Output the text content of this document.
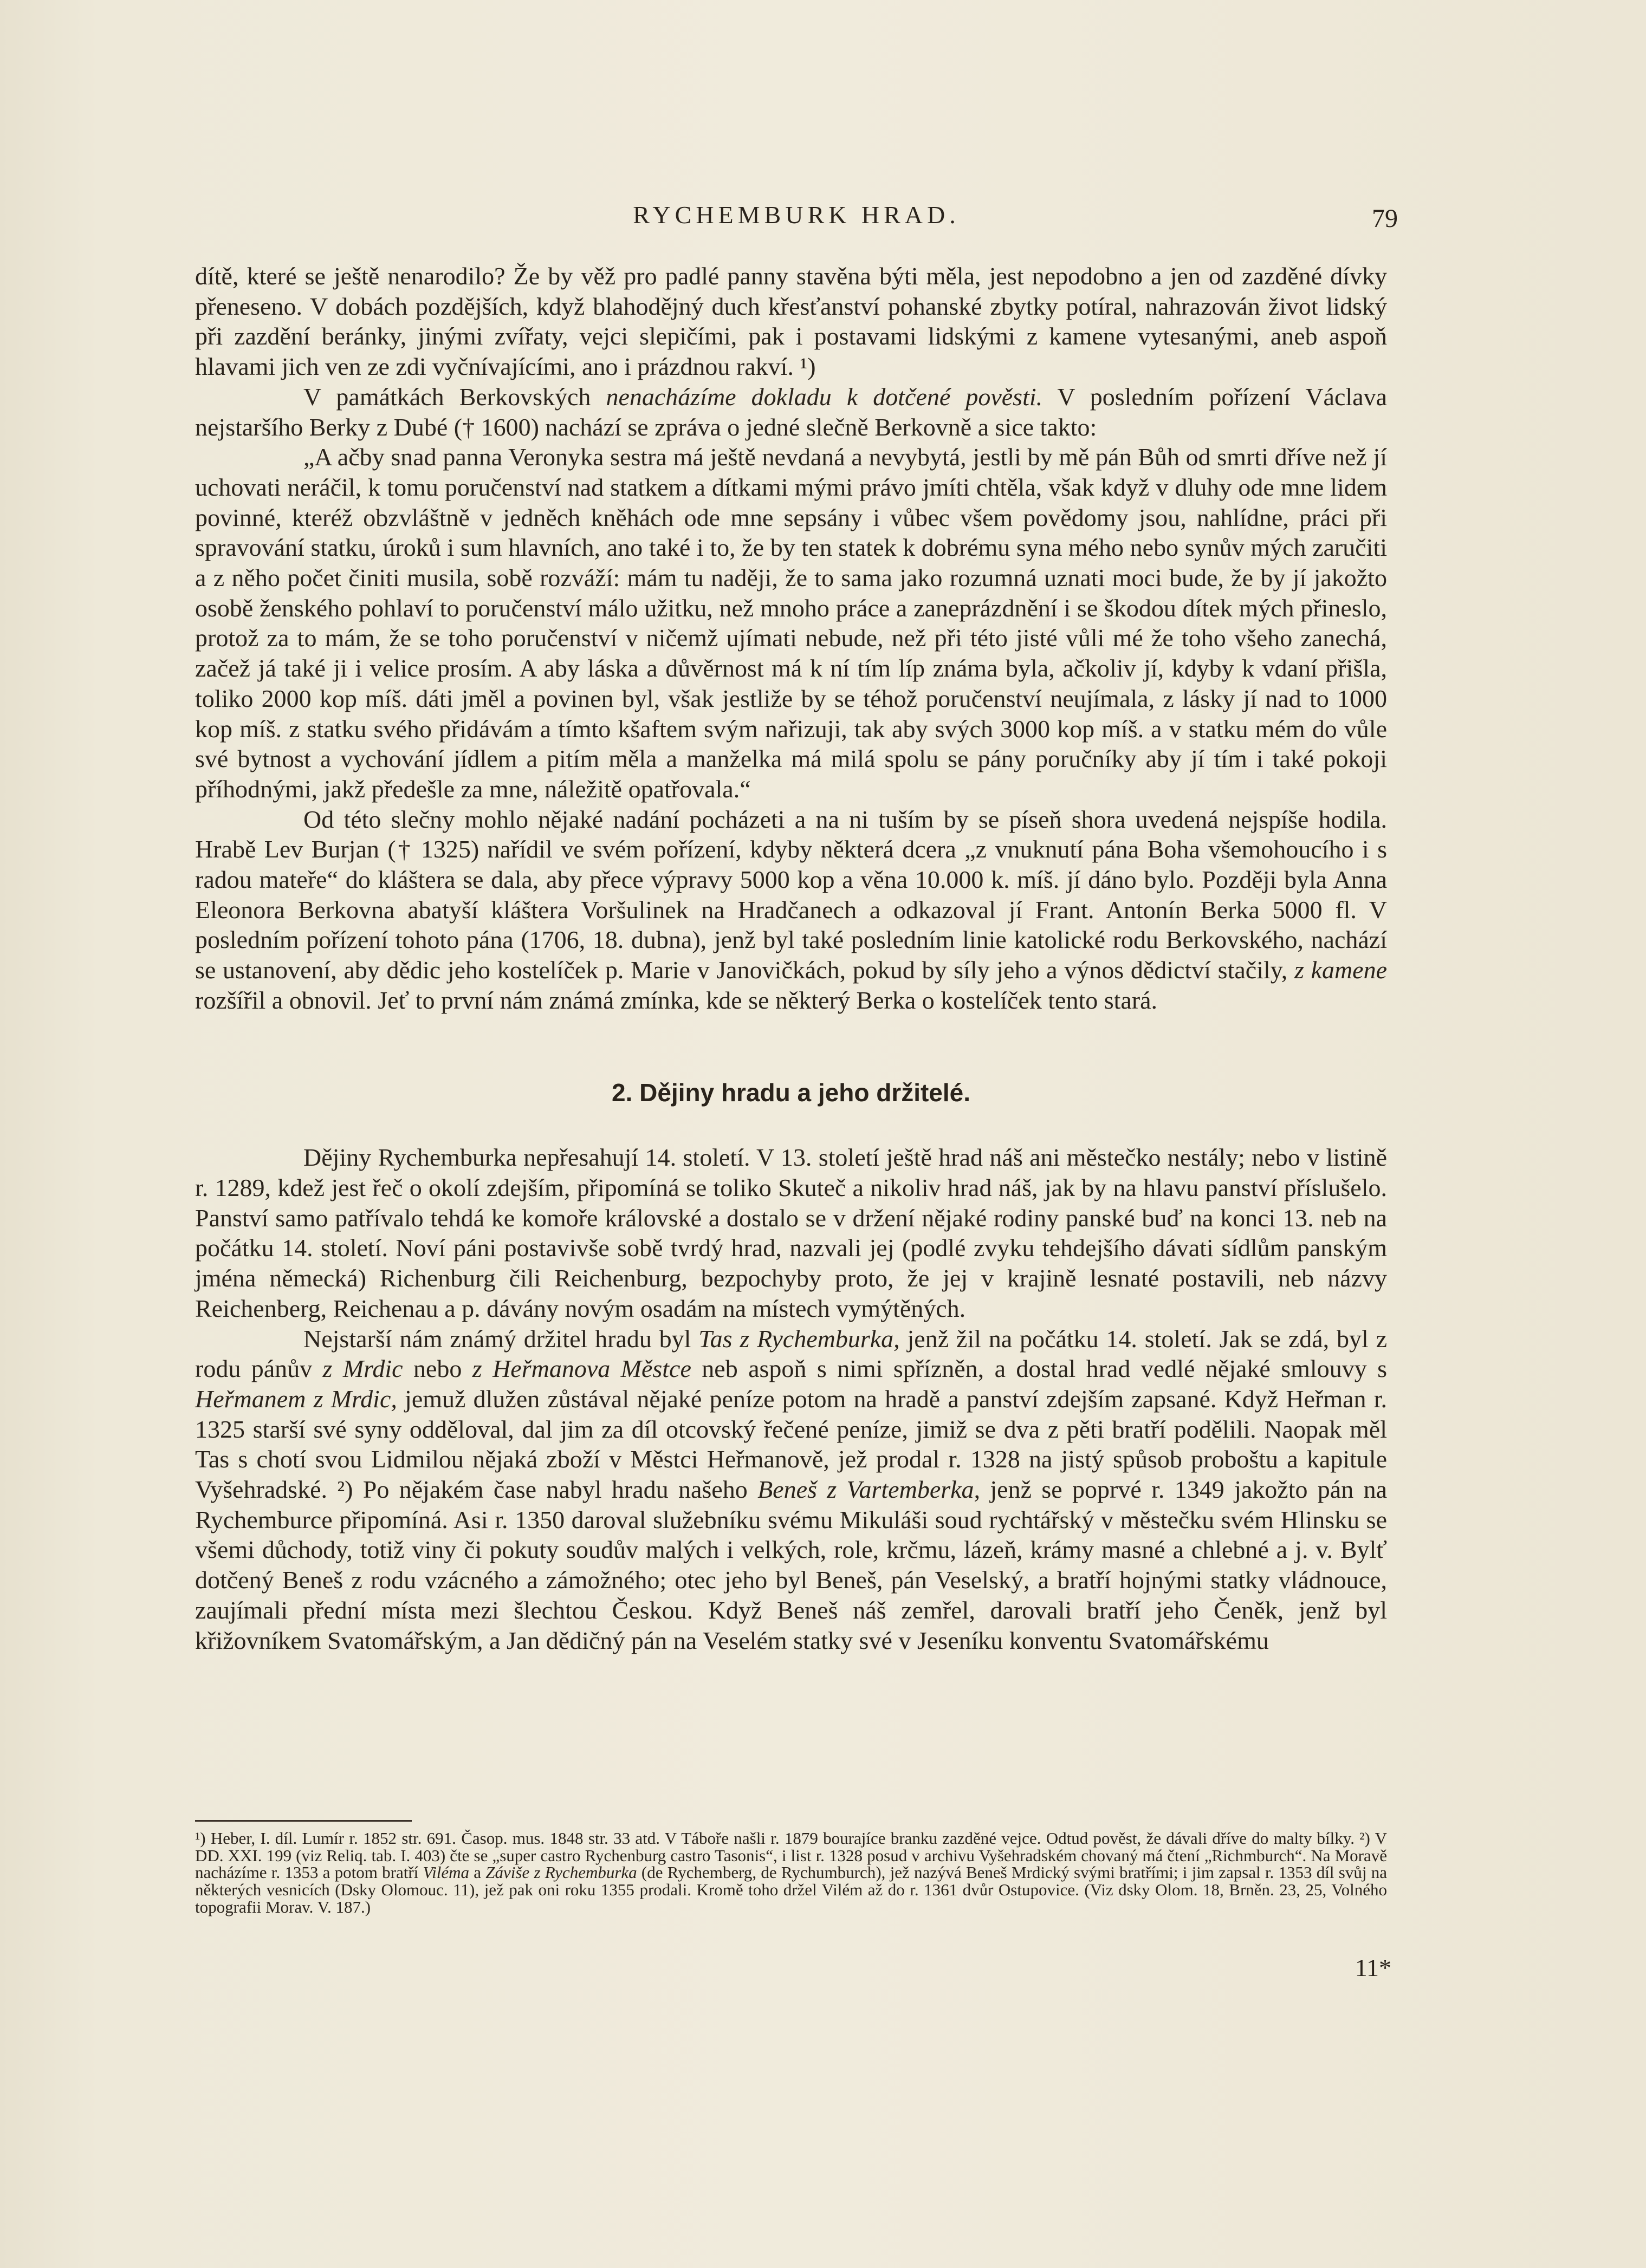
RYCHEMBURK HRAD.	79

dítě, které se ještě nenarodilo? Že by věž pro padlé panny stavěna býti měla, jest nepodobno a jen od zazděné dívky přeneseno. V dobách pozdějších, když blahodějný duch křesťanství pohanské zbytky potíral, nahrazován život lidský při zazdění beránky, jinými zvířaty, vejci slepičími, pak i postavami lidskými z kamene vytesanými, aneb aspoň hlavami jich ven ze zdi vyčnívajícími, ano i prázdnou rakví. ¹)

V památkách Berkovských nenacházíme dokladu k dotčené pověsti. V posledním pořízení Václava nejstaršího Berky z Dubé († 1600) nachází se zpráva o jedné slečně Berkovně a sice takto:

„A ačby snad panna Veronyka sestra má ještě nevdaná a nevybytá, jestli by mě pán Bůh od smrti dříve než jí uchovati neráčil, k tomu poručenství nad statkem a dítkami mými právo jmíti chtěla, však když v dluhy ode mne lidem povinné, kteréž obzvláštně v jedněch kněhách ode mne sepsány i vůbec všem povědomy jsou, nahlídne, práci při spravování statku, úroků i sum hlavních, ano také i to, že by ten statek k dobrému syna mého nebo synův mých zaručiti a z něho počet činiti musila, sobě rozváží: mám tu naději, že to sama jako rozumná uznati moci bude, že by jí jakožto osobě ženského pohlaví to poručenství málo užitku, než mnoho práce a zaneprázdnění i se škodou dítek mých přineslo, protož za to mám, že se toho poručenství v ničemž ujímati nebude, než při této jisté vůli mé že toho všeho zanechá, začež já také ji i velice prosím. A aby láska a důvěrnost má k ní tím líp známa byla, ačkoliv jí, kdyby k vdaní přišla, toliko 2000 kop míš. dáti jměl a povinen byl, však jestliže by se téhož poručenství neujímala, z lásky jí nad to 1000 kop míš. z statku svého přidávám a tímto kšaftem svým nařizuji, tak aby svých 3000 kop míš. a v statku mém do vůle své bytnost a vychování jídlem a pitím měla a manželka má milá spolu se pány poručníky aby jí tím i také pokoji příhodnými, jakž předešle za mne, náležitě opatřovala.“

Od této slečny mohlo nějaké nadání pocházeti a na ni tuším by se píseň shora uvedená nejspíše hodila. Hrabě Lev Burjan († 1325) nařídil ve svém pořízení, kdyby některá dcera „z vnuknutí pána Boha všemohoucího i s radou mateře“ do kláštera se dala, aby přece výpravy 5000 kop a věna 10.000 k. míš. jí dáno bylo. Později byla Anna Eleonora Berkovna abatyší kláštera Voršulinek na Hradčanech a odkazoval jí Frant. Antonín Berka 5000 fl. V posledním pořízení tohoto pána (1706, 18. dubna), jenž byl také posledním linie katolické rodu Berkovského, nachází se ustanovení, aby dědic jeho kostelíček p. Marie v Janovičkách, pokud by síly jeho a výnos dědictví stačily, z kamene rozšířil a obnovil. Jeť to první nám známá zmínka, kde se některý Berka o kostelíček tento stará.

2. Dějiny hradu a jeho držitelé.

Dějiny Rychemburka nepřesahují 14. století. V 13. století ještě hrad náš ani městečko nestály; nebo v listině r. 1289, kdež jest řeč o okolí zdejším, připomíná se toliko Skuteč a nikoliv hrad náš, jak by na hlavu panství příslušelo. Panství samo patřívalo tehdá ke komoře královské a dostalo se v držení nějaké rodiny panské buď na konci 13. neb na počátku 14. století. Noví páni postavivše sobě tvrdý hrad, nazvali jej (podlé zvyku tehdejšího dávati sídlům panským jména německá) Richenburg čili Reichenburg, bezpochyby proto, že jej v krajině lesnaté postavili, neb názvy Reichenberg, Reichenau a p. dávány novým osadám na místech vymýtěných.

Nejstarší nám známý držitel hradu byl Tas z Rychemburka, jenž žil na počátku 14. století. Jak se zdá, byl z rodu pánův z Mrdic nebo z Heřmanova Městce neb aspoň s nimi spřízněn, a dostal hrad vedlé nějaké smlouvy s Heřmanem z Mrdic, jemuž dlužen zůstával nějaké peníze potom na hradě a panství zdejším zapsané. Když Heřman r. 1325 starší své syny odděloval, dal jim za díl otcovský řečené peníze, jimiž se dva z pěti bratří podělili. Naopak měl Tas s chotí svou Lidmilou nějaká zboží v Městci Heřmanově, jež prodal r. 1328 na jistý spůsob proboštu a kapitule Vyšehradské. ²) Po nějakém čase nabyl hradu našeho Beneš z Vartemberka, jenž se poprvé r. 1349 jakožto pán na Rychemburce připomíná. Asi r. 1350 daroval služebníku svému Mikuláši soud rychtářský v městečku svém Hlinsku se všemi důchody, totiž viny či pokuty soudův malých i velkých, role, krčmu, lázeň, krámy masné a chlebné a j. v. Bylť dotčený Beneš z rodu vzácného a zámožného; otec jeho byl Beneš, pán Veselský, a bratří hojnými statky vládnouce, zaujímali přední místa mezi šlechtou Českou. Když Beneš náš zemřel, darovali bratří jeho Čeněk, jenž byl křižovníkem Svatomářským, a Jan dědičný pán na Veselém statky své v Jeseníku konventu Svatomářskému

¹) Heber, I. díl. Lumír r. 1852 str. 691. Časop. mus. 1848 str. 33 atd. V Táboře našli r. 1879 bourajíce branku zazděné vejce. Odtud pověst, že dávali dříve do malty bílky. ²) V DD. XXI. 199 (viz Reliq. tab. I. 403) čte se „super castro Rychenburg castro Tasonis“, i list r. 1328 posud v archivu Vyšehradském chovaný má čtení „Richmburch“. Na Moravě nacházíme r. 1353 a potom bratří Viléma a Záviše z Rychemburka (de Rychemberg, de Rychumburch), jež nazývá Beneš Mrdický svými bratřími; i jim zapsal r. 1353 díl svůj na některých vesnicích (Dsky Olomouc. 11), jež pak oni roku 1355 prodali. Kromě toho držel Vilém až do r. 1361 dvůr Ostupovice. (Viz dsky Olom. 18, Brněn. 23, 25, Volného topografii Morav. V. 187.)
11*
